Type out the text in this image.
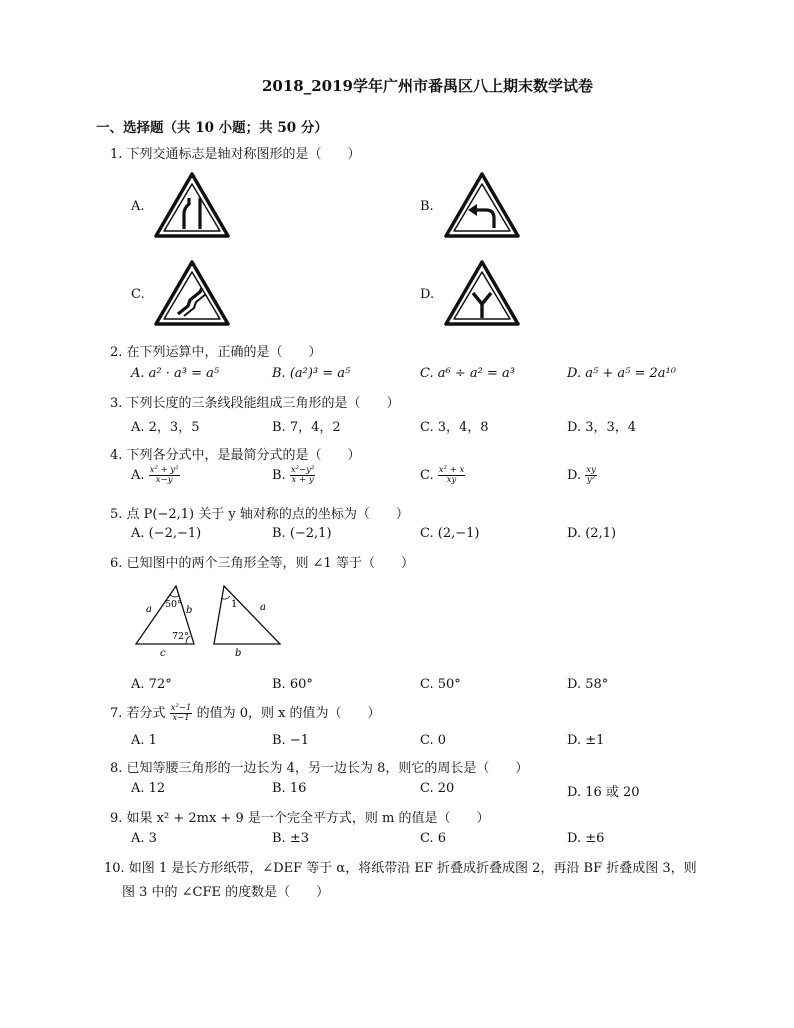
2018_2019学年广州市番禺区八上期末数学试卷
一、选择题（共 10 小题；共 50 分）
1. 下列交通标志是轴对称图形的是（　　）
A.	B.
C.	D.
2. 在下列运算中，正确的是（　　）
A. a² · a³ = a⁵	B. (a²)³ = a⁵	C. a⁶ ÷ a² = a³	D. a⁵ + a⁵ = 2a¹⁰
3. 下列长度的三条线段能组成三角形的是（　　）
A. 2，3，5	B. 7，4，2	C. 3，4，8	D. 3，3，4
4. 下列各分式中，是最简分式的是（　　）
A. $\frac{\text{x² + y²}}{x-y}$	B. $\frac{\text{x²−y²}}{x + y}$	C. $\frac{\text{x² + x}}{xy}$	D. $\frac{xy}{\text{y²}}$
5. 点 P(−2,1) 关于 y 轴对称的点的坐标为（　　）
A. (−2,−1)	B. (−2,1)	C. (2,−1)	D. (2,1)
6. 已知图中的两个三角形全等，则 ∠1 等于（　　）
a	b
c
50°
72°
1 a
b
A. 72°	B. 60°	C. 50°	D. 58°
7. 若分式 $\frac{\text{x²−1}}{x-1}$ 的值为 0，则 x 的值为（　　）
A. 1	B. −1	C. 0	D. ±1
8. 已知等腰三角形的一边长为 4，另一边长为 8，则它的周长是（　　）
A. 12	B. 16	C. 20	D. 16 或 20
9. 如果 x² + 2mx + 9 是一个完全平方式，则 m 的值是（　　）
A. 3	B. ±3	C. 6	D. ±6
10. 如图 1 是长方形纸带，∠DEF 等于 α，将纸带沿 EF 折叠成折叠成图 2，再沿 BF 折叠成图 3，则
图 3 中的 ∠CFE 的度数是（　　）
